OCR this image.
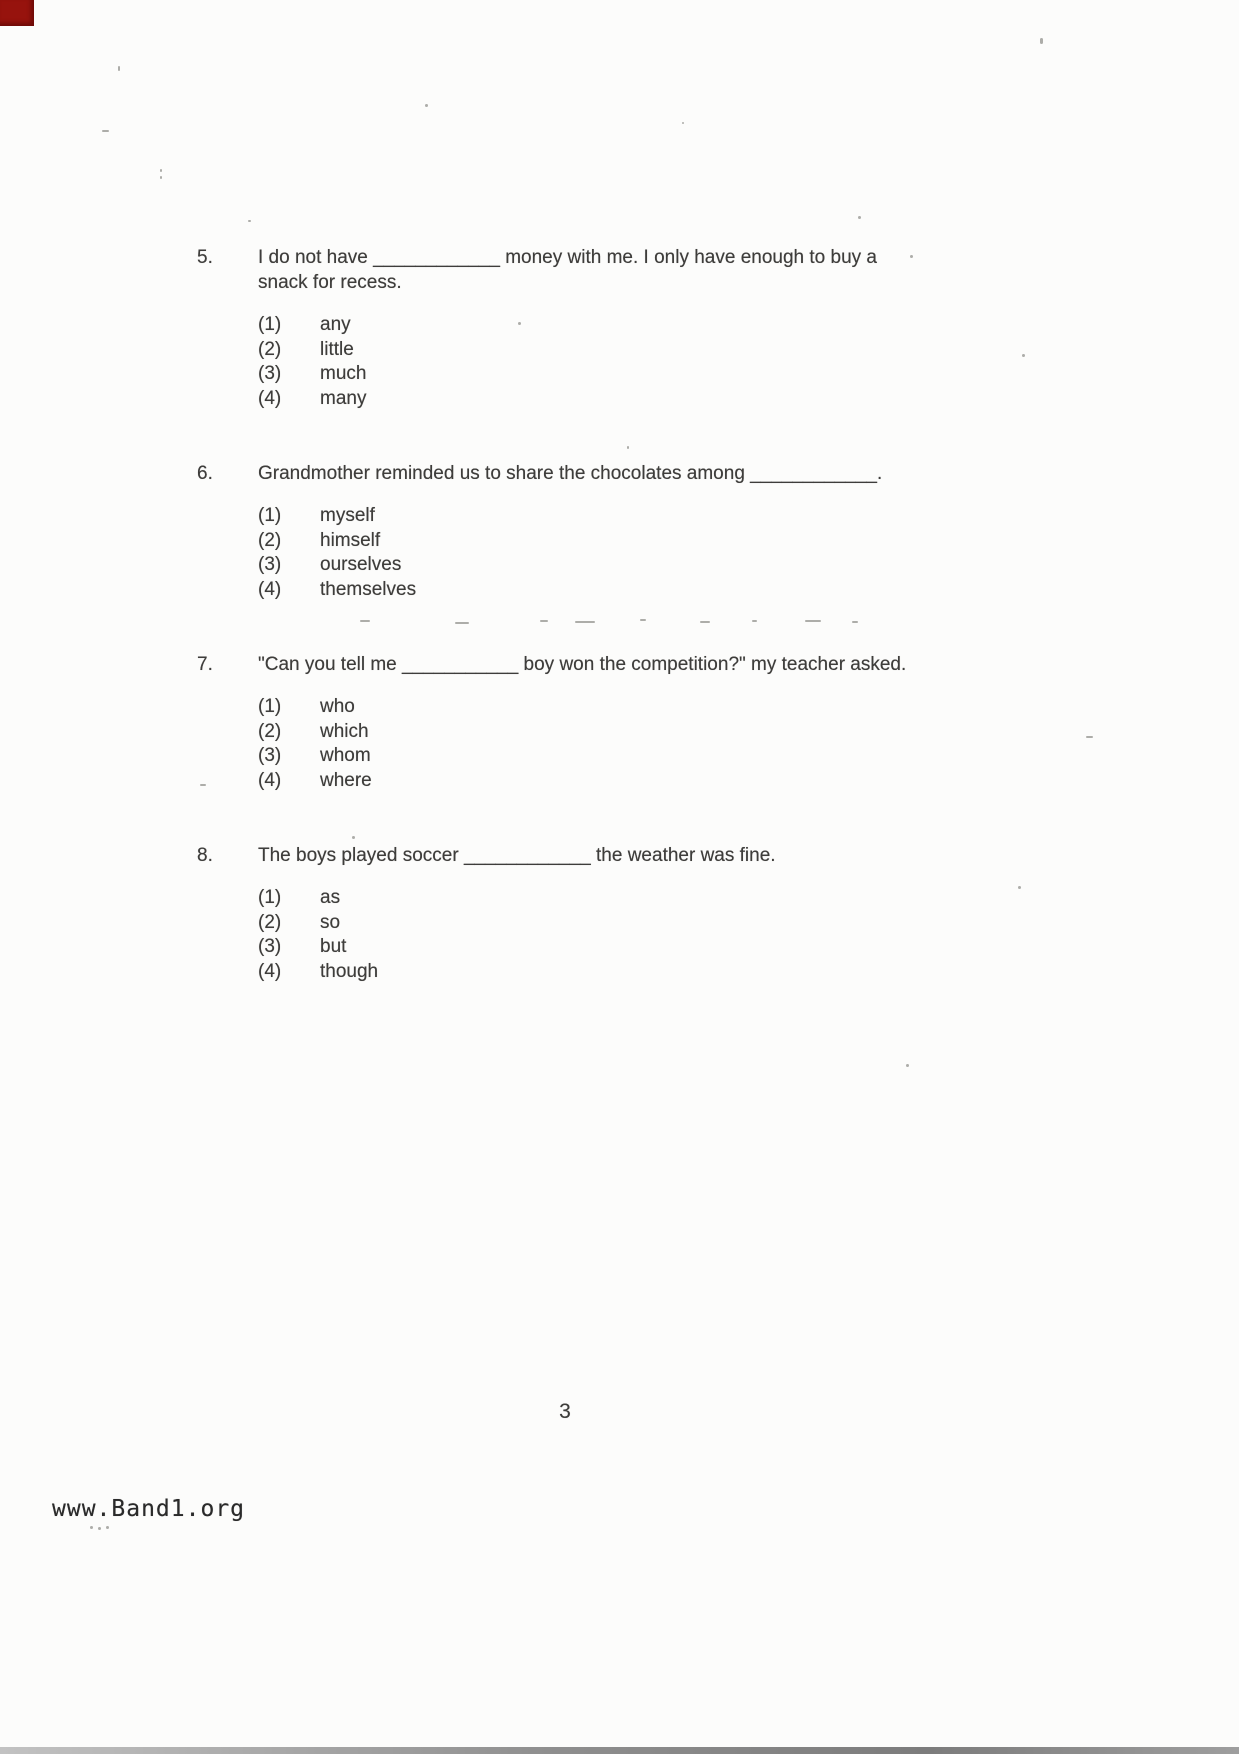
5.	I do not have ____________ money with me. I only have enough to buy a snack for recess.

(1)	any
(2)	little
(3)	much
(4)	many
6.	Grandmother reminded us to share the chocolates among ____________.

(1)	myself
(2)	himself
(3)	ourselves
(4)	themselves
7.	"Can you tell me ___________ boy won the competition?" my teacher asked.

(1)	who
(2)	which
(3)	whom
(4)	where
8.	The boys played soccer ____________ the weather was fine.

(1)	as
(2)	so
(3)	but
(4)	though
3
www.Band1.org
